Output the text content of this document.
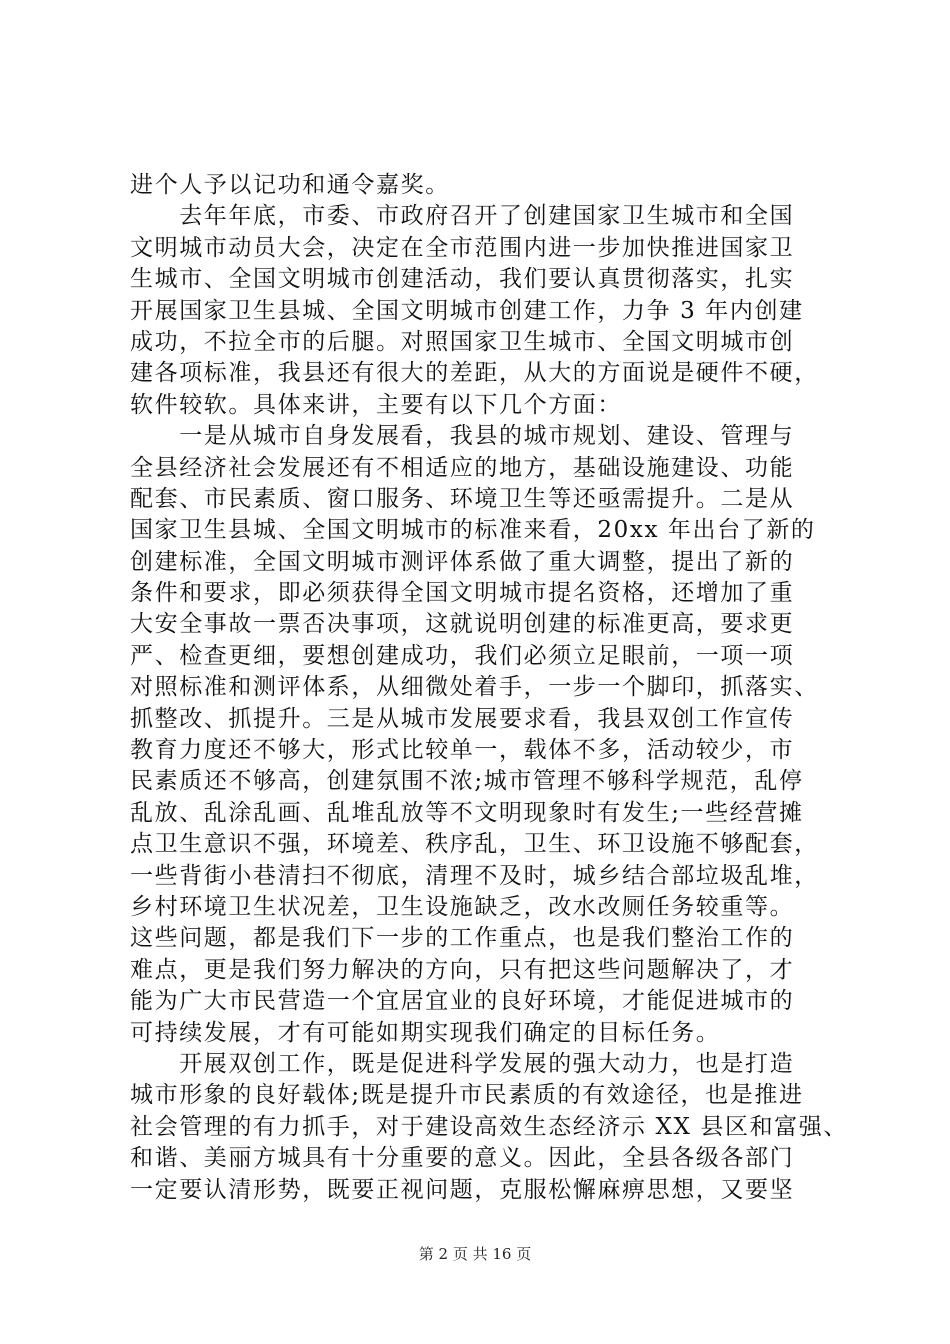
进个人予以记功和通令嘉奖。
　　去年年底，市委、市政府召开了创建国家卫生城市和全国
文明城市动员大会，决定在全市范围内进一步加快推进国家卫
生城市、全国文明城市创建活动，我们要认真贯彻落实，扎实
开展国家卫生县城、全国文明城市创建工作，力争 3 年内创建
成功，不拉全市的后腿。对照国家卫生城市、全国文明城市创
建各项标准，我县还有很大的差距，从大的方面说是硬件不硬，
软件较软。具体来讲，主要有以下几个方面：
　　一是从城市自身发展看，我县的城市规划、建设、管理与
全县经济社会发展还有不相适应的地方，基础设施建设、功能
配套、市民素质、窗口服务、环境卫生等还亟需提升。二是从
国家卫生县城、全国文明城市的标准来看，20xx 年出台了新的
创建标准，全国文明城市测评体系做了重大调整，提出了新的
条件和要求，即必须获得全国文明城市提名资格，还增加了重
大安全事故一票否决事项，这就说明创建的标准更高，要求更
严、检查更细，要想创建成功，我们必须立足眼前，一项一项
对照标准和测评体系，从细微处着手，一步一个脚印，抓落实、
抓整改、抓提升。三是从城市发展要求看，我县双创工作宣传
教育力度还不够大，形式比较单一，载体不多，活动较少，市
民素质还不够高，创建氛围不浓;城市管理不够科学规范，乱停
乱放、乱涂乱画、乱堆乱放等不文明现象时有发生;一些经营摊
点卫生意识不强，环境差、秩序乱，卫生、环卫设施不够配套，
一些背街小巷清扫不彻底，清理不及时，城乡结合部垃圾乱堆，
乡村环境卫生状况差，卫生设施缺乏，改水改厕任务较重等。
这些问题，都是我们下一步的工作重点，也是我们整治工作的
难点，更是我们努力解决的方向，只有把这些问题解决了，才
能为广大市民营造一个宜居宜业的良好环境，才能促进城市的
可持续发展，才有可能如期实现我们确定的目标任务。
　　开展双创工作，既是促进科学发展的强大动力，也是打造
城市形象的良好载体;既是提升市民素质的有效途径，也是推进
社会管理的有力抓手，对于建设高效生态经济示 XX 县区和富强、
和谐、美丽方城具有十分重要的意义。因此，全县各级各部门
一定要认清形势，既要正视问题，克服松懈麻痹思想，又要坚
第 2 页 共 16 页
